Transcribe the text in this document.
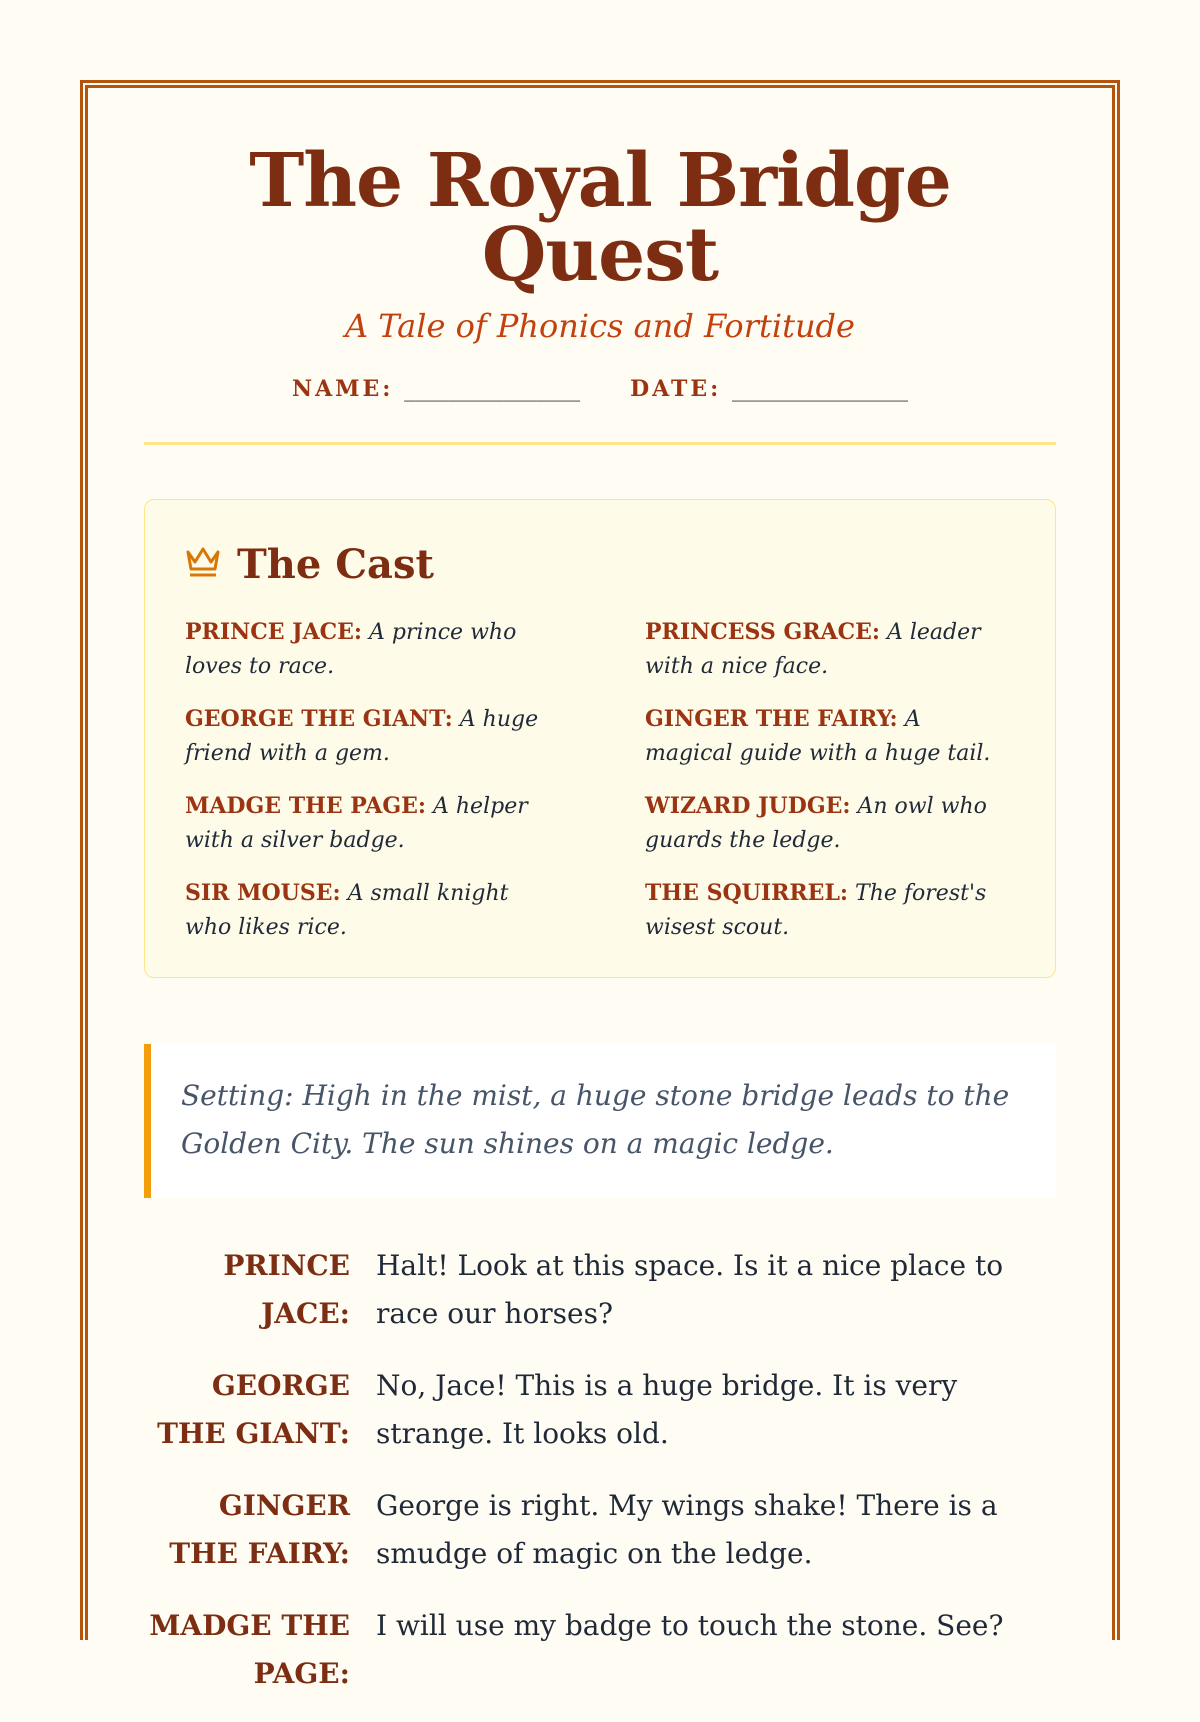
The Royal Bridge Quest
A Tale of Phonics and Fortitude
NAME: ________________ DATE: ________________
The Cast
PRINCE JACE: A prince who loves to race.
PRINCESS GRACE: A leader with a nice face.
GEORGE THE GIANT: A huge friend with a gem.
GINGER THE FAIRY: A magical guide with a huge tail.
MADGE THE PAGE: A helper with a silver badge.
WIZARD JUDGE: An owl who guards the ledge.
SIR MOUSE: A small knight who likes rice.
THE SQUIRREL: The forest's wisest scout.
Setting: High in the mist, a huge stone bridge leads to the Golden City. The sun shines on a magic ledge.
PRINCE JACE:
Halt! Look at this space. Is it a nice place to race our horses?
GEORGE THE GIANT:
No, Jace! This is a huge bridge. It is very strange. It looks old.
GINGER THE FAIRY:
George is right. My wings shake! There is a smudge of magic on the ledge.
MADGE THE PAGE:
I will use my badge to touch the stone. See?
